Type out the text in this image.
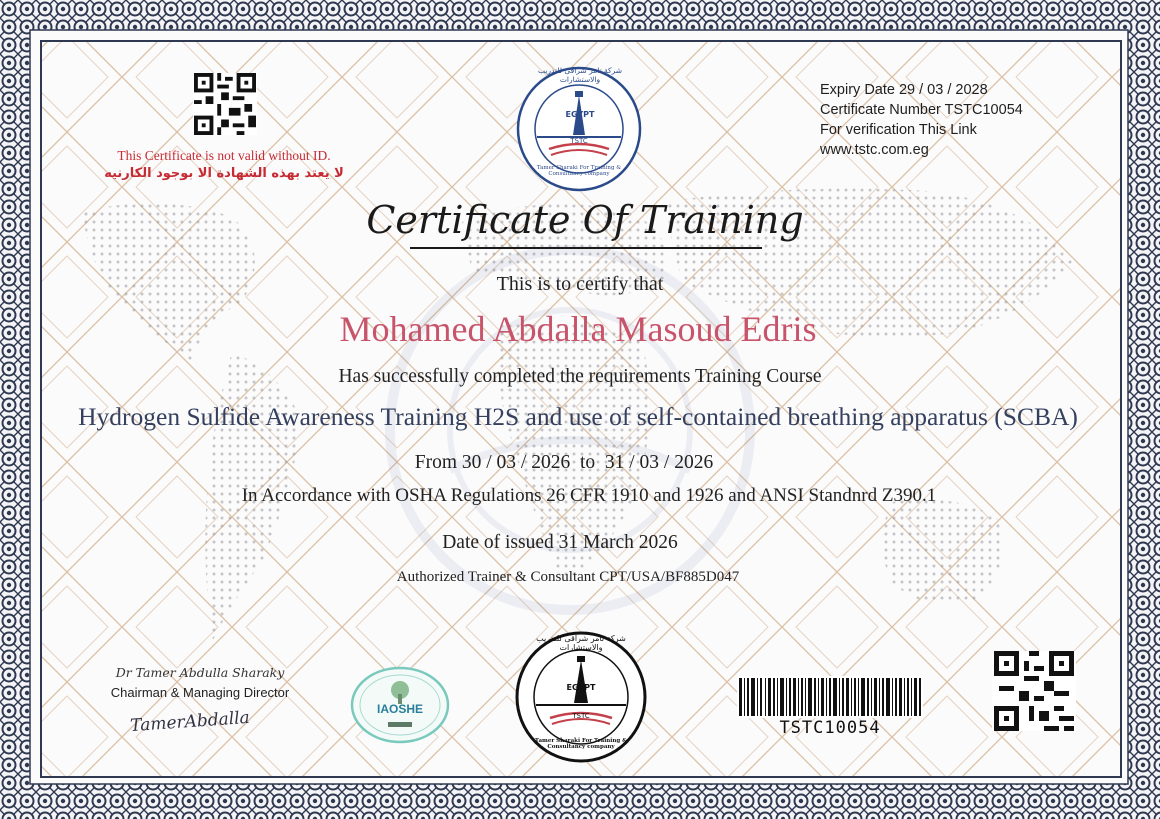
This Certificate is not valid without ID.
لا يعتد بهذه الشهادة الا بوجود الكارنيه
شركة تامر شراقى للتدريب والاستشارات
EGYPT
TSTC
Tamer Sharaki For Training & Consultancy company
Expiry Date 29 / 03 / 2028
Certificate Number TSTC10054
For verification This Link
www.tstc.com.eg
Certificate Of Training
This is to certify that
Mohamed Abdalla Masoud Edris
Has successfully completed the requirements Training Course
Hydrogen Sulfide Awareness Training H2S and use of self-contained breathing apparatus (SCBA)
From 30 / 03 / 2026  to  31 / 03 / 2026
In Accordance with OSHA Regulations 26 CFR 1910 and 1926 and ANSI Standnrd Z390.1
Date of issued 31 March 2026
Authorized Trainer & Consultant CPT/USA/BF885D047
Dr Tamer Abdulla Sharaky
Chairman & Managing Director
TamerAbdalla	IAOSHE
شركة تامر شراقى للتدريب والاستشارات
EGYPT
TSTC
Tamer Sharaki For Training & Consultancy company
TSTC10054
